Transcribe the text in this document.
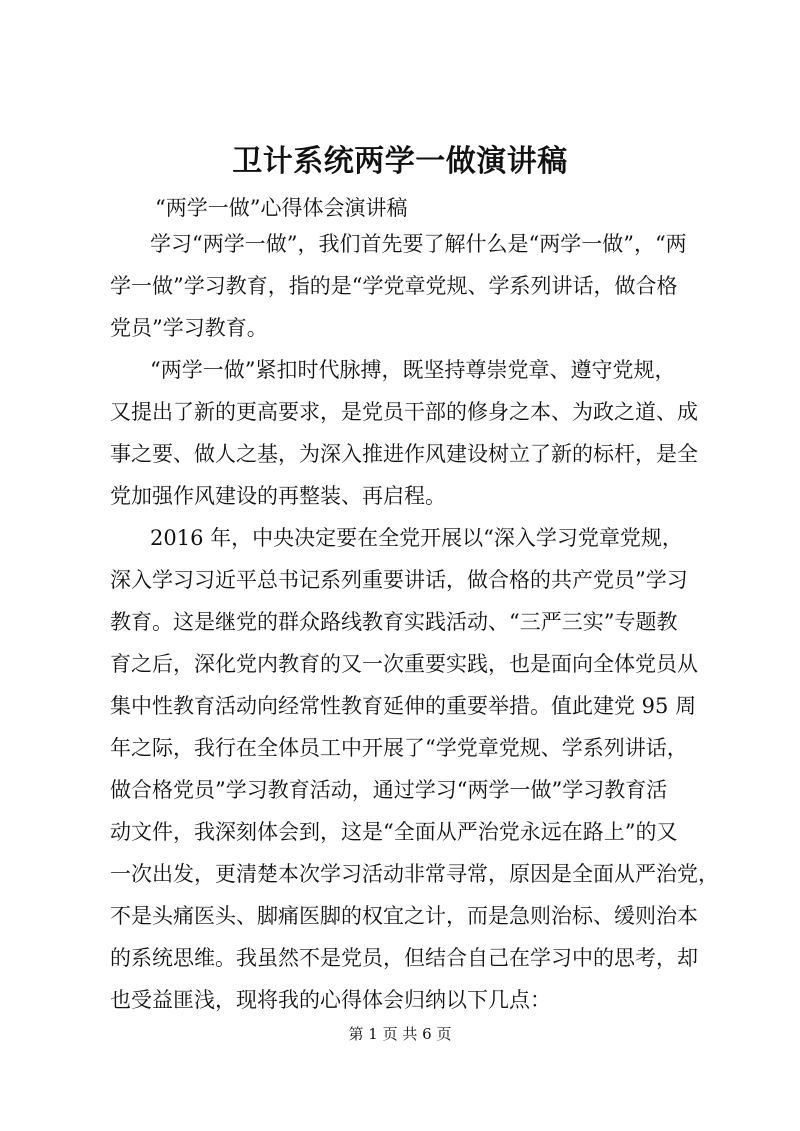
卫计系统两学一做演讲稿
“两学一做”心得体会演讲稿
学习“两学一做”，我们首先要了解什么是“两学一做”，“两
学一做”学习教育，指的是“学党章党规、学系列讲话，做合格
党员”学习教育。
“两学一做”紧扣时代脉搏，既坚持尊崇党章、遵守党规，
又提出了新的更高要求，是党员干部的修身之本、为政之道、成
事之要、做人之基，为深入推进作风建设树立了新的标杆，是全
党加强作风建设的再整装、再启程。
2016 年，中央决定要在全党开展以“深入学习党章党规，
深入学习习近平总书记系列重要讲话，做合格的共产党员”学习
教育。这是继党的群众路线教育实践活动、“三严三实”专题教
育之后，深化党内教育的又一次重要实践，也是面向全体党员从
集中性教育活动向经常性教育延伸的重要举措。值此建党 95 周
年之际，我行在全体员工中开展了“学党章党规、学系列讲话，
做合格党员”学习教育活动，通过学习“两学一做”学习教育活
动文件，我深刻体会到，这是“全面从严治党永远在路上”的又
一次出发，更清楚本次学习活动非常寻常，原因是全面从严治党，
不是头痛医头、脚痛医脚的权宜之计，而是急则治标、缓则治本
的系统思维。我虽然不是党员，但结合自己在学习中的思考，却
也受益匪浅，现将我的心得体会归纳以下几点：
第 1 页 共 6 页
